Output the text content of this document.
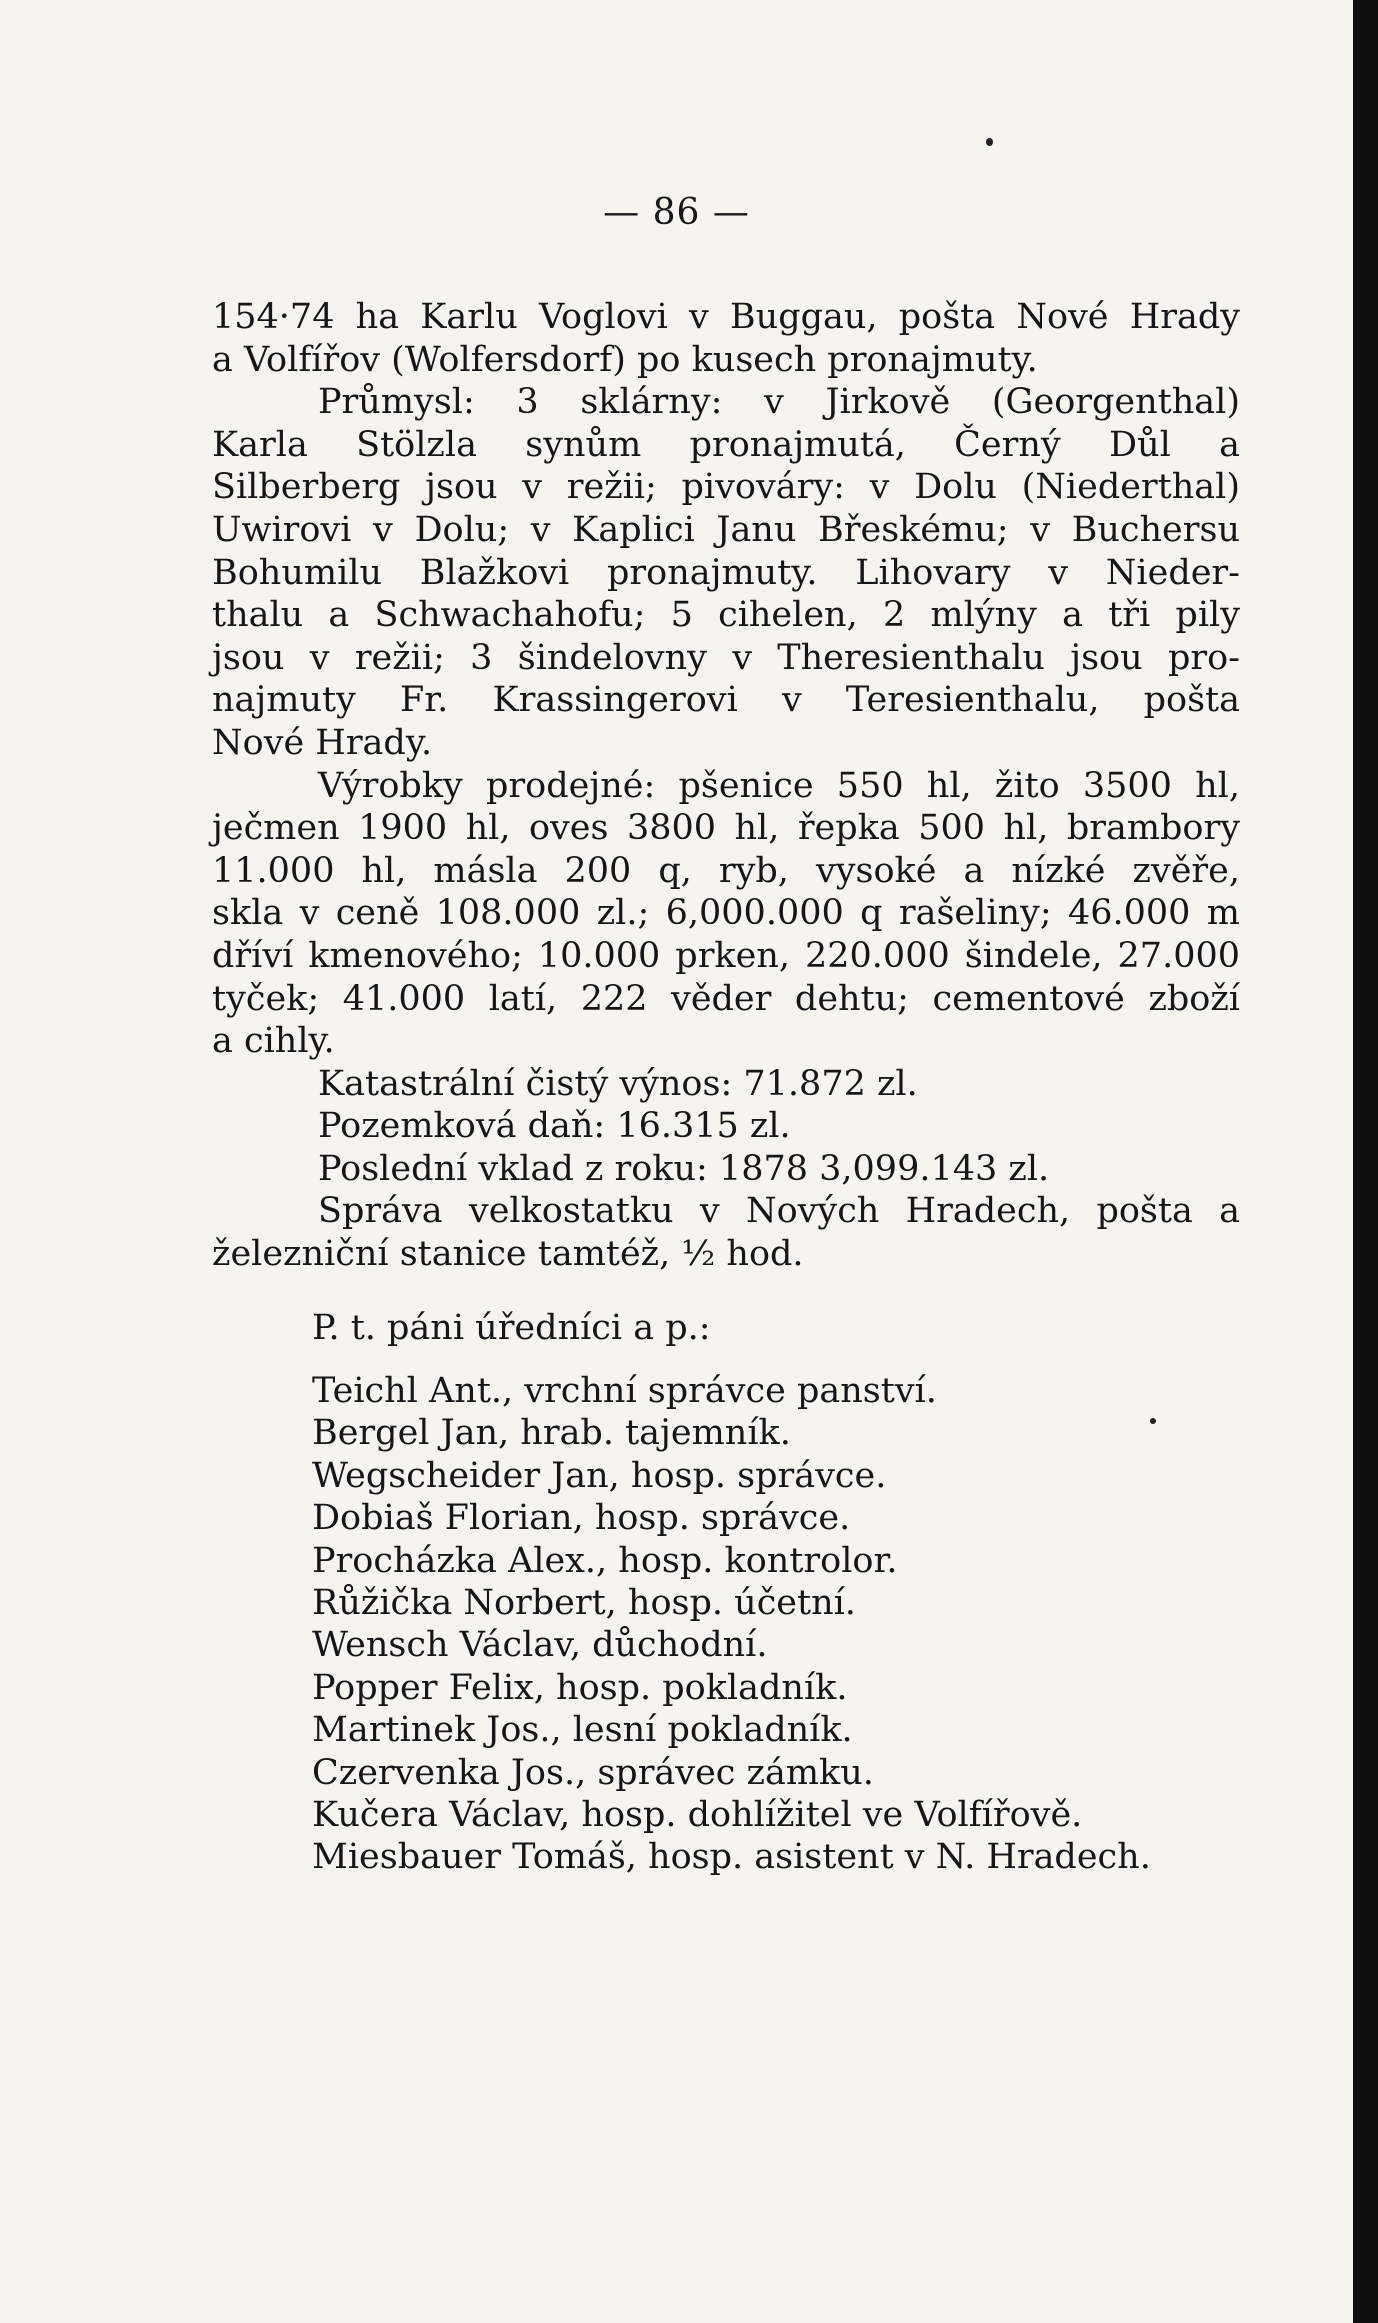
— 86 —
154·74 ha Karlu Voglovi v Buggau, pošta Nové Hrady
a Volfířov (Wolfersdorf) po kusech pronajmuty.
Průmysl: 3 sklárny: v Jirkově (Georgenthal)
Karla Stölzla synům pronajmutá, Černý Důl a
Silberberg jsou v režii; pivováry: v Dolu (Niederthal)
Uwirovi v Dolu; v Kaplici Janu Břeskému; v Buchersu
Bohumilu Blažkovi pronajmuty. Lihovary v Nieder-
thalu a Schwachahofu; 5 cihelen, 2 mlýny a tři pily
jsou v režii; 3 šindelovny v Theresienthalu jsou pro-
najmuty Fr. Krassingerovi v Teresienthalu, pošta
Nové Hrady.
Výrobky prodejné: pšenice 550 hl, žito 3500 hl,
ječmen 1900 hl, oves 3800 hl, řepka 500 hl, brambory
11.000 hl, másla 200 q, ryb, vysoké a nízké zvěře,
skla v ceně 108.000 zl.; 6,000.000 q rašeliny; 46.000 m
dříví kmenového; 10.000 prken, 220.000 šindele, 27.000
tyček; 41.000 latí, 222 věder dehtu; cementové zboží
a cihly.
Katastrální čistý výnos: 71.872 zl.
Pozemková daň: 16.315 zl.
Poslední vklad z roku: 1878 3,099.143 zl.
Správa velkostatku v Nových Hradech, pošta a
železniční stanice tamtéž, ½ hod.
P. t. páni úředníci a p.:
Teichl Ant., vrchní správce panství.
Bergel Jan, hrab. tajemník.
Wegscheider Jan, hosp. správce.
Dobiaš Florian, hosp. správce.
Procházka Alex., hosp. kontrolor.
Růžička Norbert, hosp. účetní.
Wensch Václav, důchodní.
Popper Felix, hosp. pokladník.
Martinek Jos., lesní pokladník.
Czervenka Jos., správec zámku.
Kučera Václav, hosp. dohlížitel ve Volfířově.
Miesbauer Tomáš, hosp. asistent v N. Hradech.
